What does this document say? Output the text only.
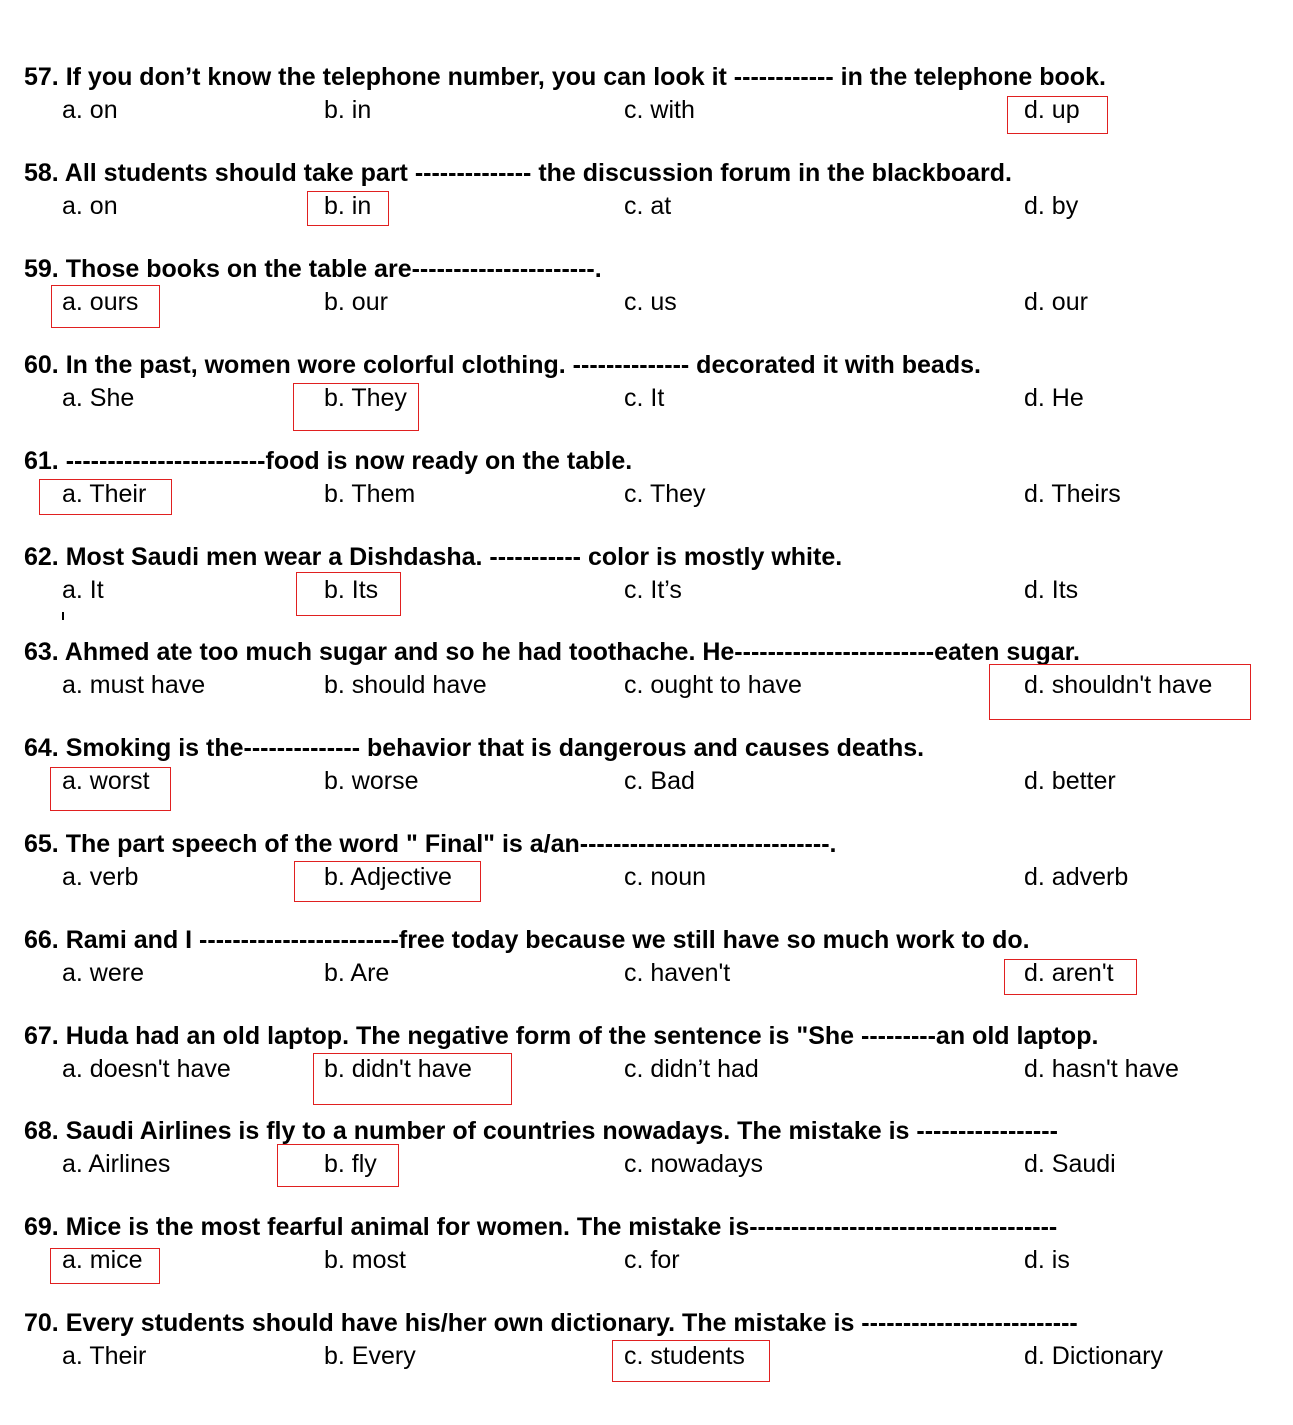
57. If you don’t know the telephone number, you can look it ------------ in the telephone book.
a. on	b. in	c. with	d. up
58. All students should take part -------------- the discussion forum in the blackboard.
a. on	b. in	c. at	d. by
59. Those books on the table are----------------------.
a. ours	b. our	c. us	d. our
60. In the past, women wore colorful clothing. -------------- decorated it with beads.
a. She	b. They	c. It	d. He
61. ------------------------food is now ready on the table.
a. Their	b. Them	c. They	d. Theirs
62. Most Saudi men wear a Dishdasha. ----------- color is mostly white.
a. It	b. Its	c. It’s	d. Its
63. Ahmed ate too much sugar and so he had toothache. He------------------------eaten sugar.
a. must have	b. should have	c. ought to have	d. shouldn't have
64. Smoking is the-------------- behavior that is dangerous and causes deaths.
a. worst	b. worse	c. Bad	d. better
65. The part speech of the word " Final" is a/an------------------------------.
a. verb	b. Adjective	c. noun	d. adverb
66. Rami and I ------------------------free today because we still have so much work to do.
a. were	b. Are	c. haven't	d. aren't
67. Huda had an old laptop. The negative form of the sentence is "She ---------an old laptop.
a. doesn't have	b. didn't have	c. didn’t had	d. hasn't have
68. Saudi Airlines is fly to a number of countries nowadays. The mistake is -----------------
a. Airlines	b. fly	c. nowadays	d. Saudi
69. Mice is the most fearful animal for women. The mistake is-------------------------------------
a. mice	b. most	c. for	d. is
70. Every students should have his/her own dictionary. The mistake is --------------------------
a. Their	b. Every	c. students	d. Dictionary
